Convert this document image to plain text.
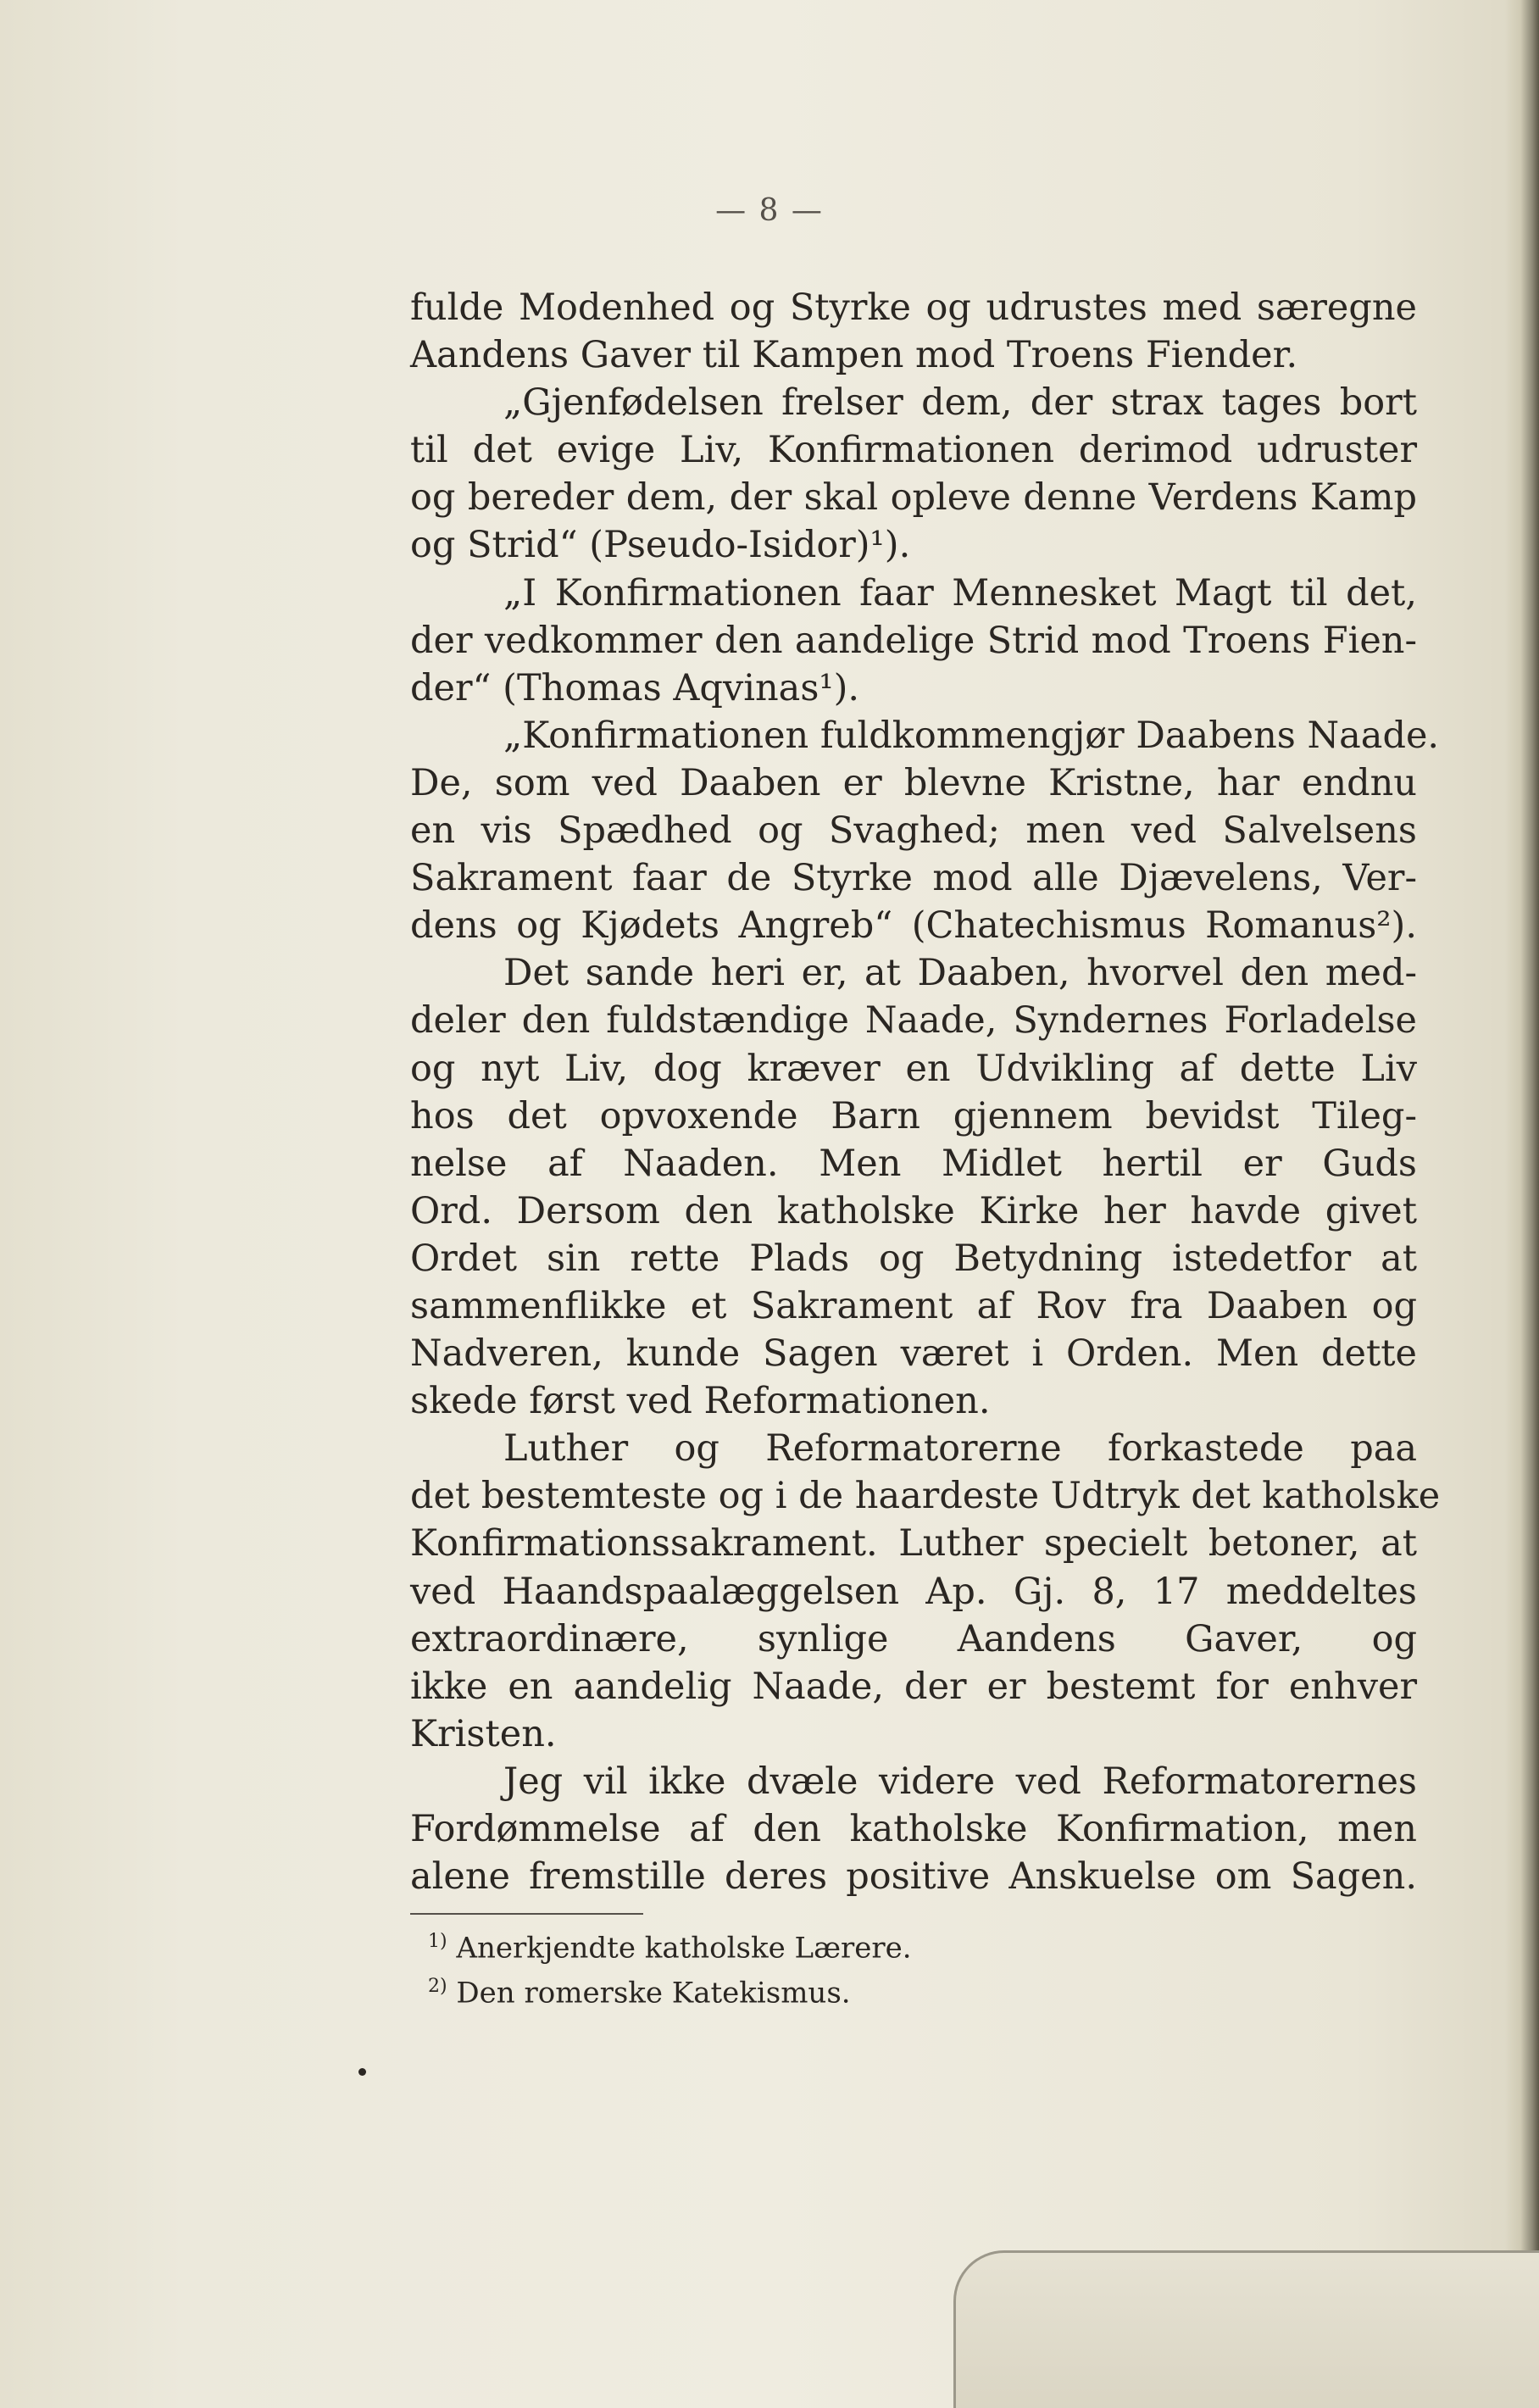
— 8 —
fulde Modenhed og Styrke og udrustes med særegne
Aandens Gaver til Kampen mod Troens Fiender.
„Gjenfødelsen frelser dem, der strax tages bort
til det evige Liv, Konfirmationen derimod udruster
og bereder dem, der skal opleve denne Verdens Kamp
og Strid“ (Pseudo-Isidor)¹).
„I Konfirmationen faar Mennesket Magt til det,
der vedkommer den aandelige Strid mod Troens Fien-
der“ (Thomas Aqvinas¹).
„Konfirmationen fuldkommengjør Daabens Naade.
De, som ved Daaben er blevne Kristne, har endnu
en vis Spædhed og Svaghed; men ved Salvelsens
Sakrament faar de Styrke mod alle Djævelens, Ver-
dens og Kjødets Angreb“ (Chatechismus Romanus²).
Det sande heri er, at Daaben, hvorvel den med-
deler den fuldstændige Naade, Syndernes Forladelse
og nyt Liv, dog kræver en Udvikling af dette Liv
hos det opvoxende Barn gjennem bevidst Tileg-
nelse af Naaden. Men Midlet hertil er Guds
Ord. Dersom den katholske Kirke her havde givet
Ordet sin rette Plads og Betydning istedetfor at
sammenflikke et Sakrament af Rov fra Daaben og
Nadveren, kunde Sagen været i Orden. Men dette
skede først ved Reformationen.
Luther og Reformatorerne forkastede paa
det bestemteste og i de haardeste Udtryk det katholske
Konfirmationssakrament. Luther specielt betoner, at
ved Haandspaalæggelsen Ap. Gj. 8, 17 meddeltes
extraordinære, synlige Aandens Gaver, og
ikke en aandelig Naade, der er bestemt for enhver
Kristen.
Jeg vil ikke dvæle videre ved Reformatorernes
Fordømmelse af den katholske Konfirmation, men
alene fremstille deres positive Anskuelse om Sagen.
$^{1)}$ Anerkjendte katholske Lærere.
$^{2)}$ Den romerske Katekismus.
